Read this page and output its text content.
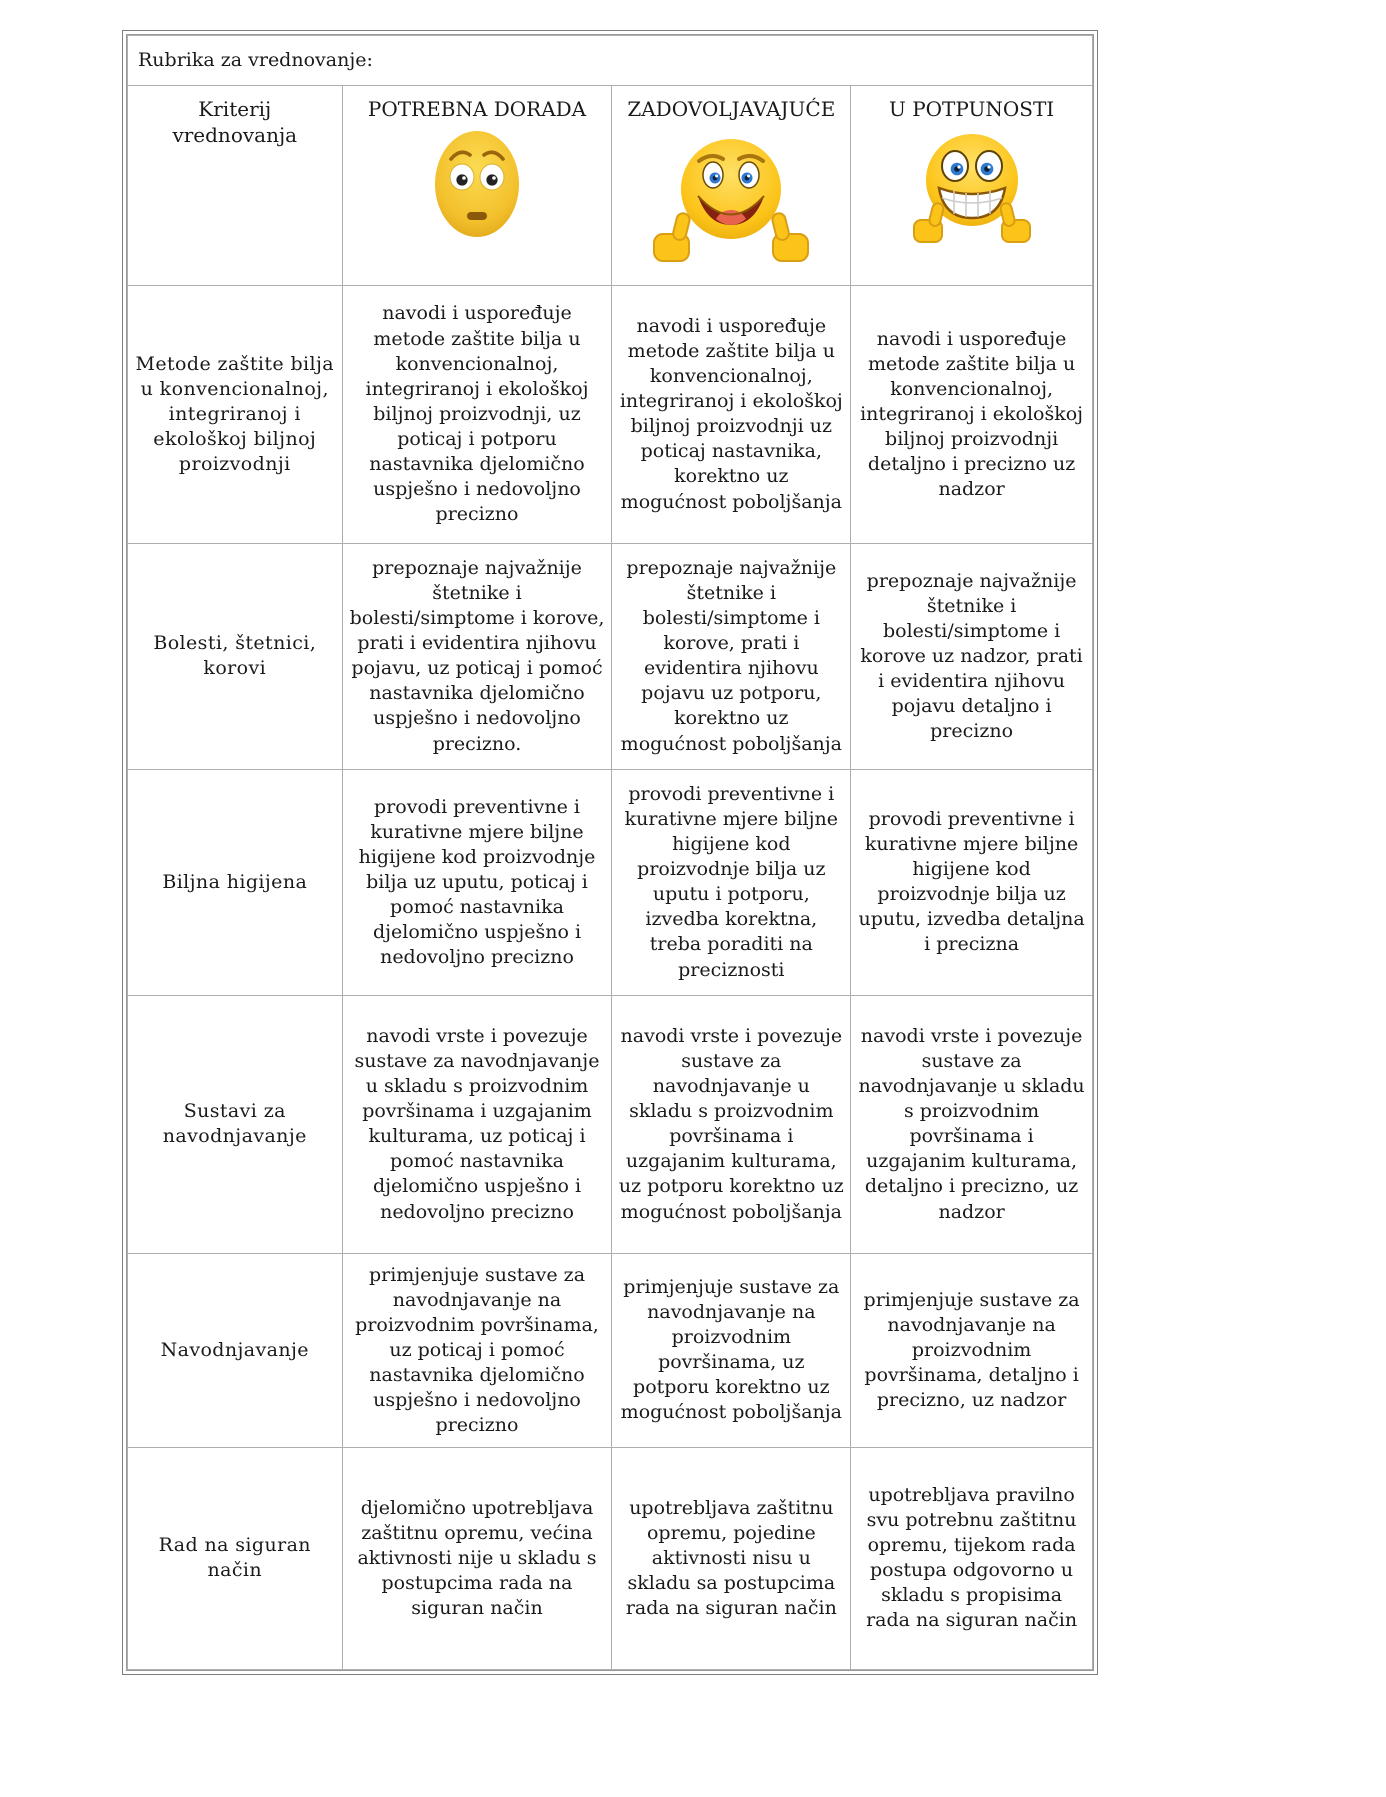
Rubrika za vrednovanje:			

Kriterij vrednovanja	POTREBNA DORADA	ZADOVOLJAVAJUĆE	U POTPUNOSTI

Metode zaštite bilja u konvencionalnoj, integriranoj i ekološkoj biljnoj proizvodnji	navodi i uspoređuje metode zaštite bilja u konvencionalnoj, integriranoj i ekološkoj biljnoj proizvodnji, uz poticaj i potporu nastavnika djelomično uspješno i nedovoljno precizno	navodi i uspoređuje metode zaštite bilja u konvencionalnoj, integriranoj i ekološkoj biljnoj proizvodnji uz poticaj nastavnika, korektno uz mogućnost poboljšanja	navodi i uspoređuje metode zaštite bilja u konvencionalnoj, integriranoj i ekološkoj biljnoj proizvodnji detaljno i precizno uz nadzor
Bolesti, štetnici, korovi	prepoznaje najvažnije štetnike i bolesti/simptome i korove, prati i evidentira njihovu pojavu, uz poticaj i pomoć nastavnika djelomično uspješno i nedovoljno precizno.	prepoznaje najvažnije štetnike i bolesti/simptome i korove, prati i evidentira njihovu pojavu uz potporu, korektno uz mogućnost poboljšanja	prepoznaje najvažnije štetnike i bolesti/simptome i korove uz nadzor, prati i evidentira njihovu pojavu detaljno i precizno
Biljna higijena	provodi preventivne i kurativne mjere biljne higijene kod proizvodnje bilja uz uputu, poticaj i pomoć nastavnika djelomično uspješno i nedovoljno precizno	provodi preventivne i kurativne mjere biljne higijene kod proizvodnje bilja uz uputu i potporu, izvedba korektna, treba poraditi na preciznosti	provodi preventivne i kurativne mjere biljne higijene kod proizvodnje bilja uz uputu, izvedba detaljna i precizna
Sustavi za navodnjavanje	navodi vrste i povezuje sustave za navodnjavanje u skladu s proizvodnim površinama i uzgajanim kulturama, uz poticaj i pomoć nastavnika djelomično uspješno i nedovoljno precizno	navodi vrste i povezuje sustave za navodnjavanje u skladu s proizvodnim površinama i uzgajanim kulturama, uz potporu korektno uz mogućnost poboljšanja	navodi vrste i povezuje sustave za navodnjavanje u skladu s proizvodnim površinama i uzgajanim kulturama, detaljno i precizno, uz nadzor
Navodnjavanje	primjenjuje sustave za navodnjavanje na proizvodnim površinama, uz poticaj i pomoć nastavnika djelomično uspješno i nedovoljno precizno	primjenjuje sustave za navodnjavanje na proizvodnim površinama, uz potporu korektno uz mogućnost poboljšanja	primjenjuje sustave za navodnjavanje na proizvodnim površinama, detaljno i precizno, uz nadzor
Rad na siguran način	djelomično upotrebljava zaštitnu opremu, većina aktivnosti nije u skladu s postupcima rada na siguran način	upotrebljava zaštitnu opremu, pojedine aktivnosti nisu u skladu sa postupcima rada na siguran način	upotrebljava pravilno svu potrebnu zaštitnu opremu, tijekom rada postupa odgovorno u skladu s propisima rada na siguran način
